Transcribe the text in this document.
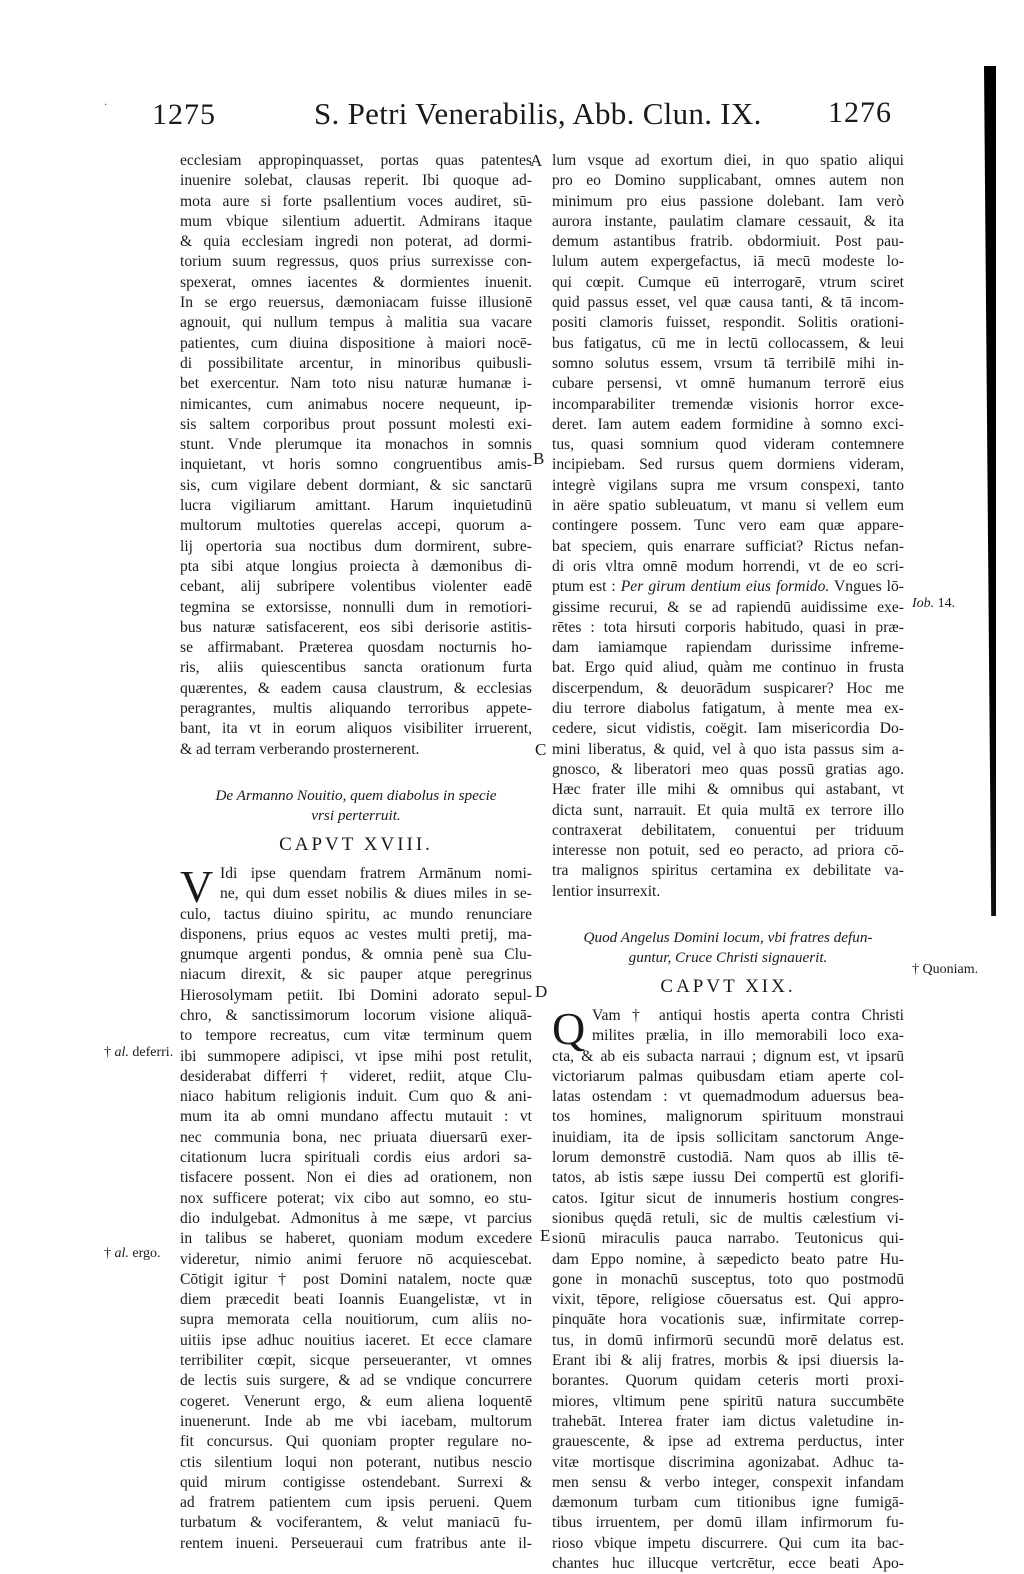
· 1275	S. Petri Venerabilis, Abb. Clun. IX. 1276
A
B
C
D
E
† al. deferri.
† al. ergo.
Iob. 14.
† Quoniam.
ecclesiam appropinquasset, portas quas patentes
inuenire solebat, clausas reperit. Ibi quoque ad-
mota aure si forte psallentium voces audiret, sū-
mum vbique silentium aduertit. Admirans itaque
& quia ecclesiam ingredi non poterat, ad dormi-
torium suum regressus, quos prius surrexisse con-
spexerat, omnes iacentes & dormientes inuenit.
In se ergo reuersus, dæmoniacam fuisse illusionē
agnouit, qui nullum tempus à malitia sua vacare
patientes, cum diuina dispositione à maiori nocē-
di possibilitate arcentur, in minoribus quibusli-
bet exercentur. Nam toto nisu naturæ humanæ i-
nimicantes, cum animabus nocere nequeunt, ip-
sis saltem corporibus prout possunt molesti exi-
stunt. Vnde plerumque ita monachos in somnis
inquietant, vt horis somno congruentibus amis-
sis, cum vigilare debent dormiant, & sic sanctarū
lucra vigiliarum amittant. Harum inquietudinū
multorum multoties querelas accepi, quorum a-
lij opertoria sua noctibus dum dormirent, subre-
pta sibi atque longius proiecta à dæmonibus di-
cebant, alij subripere volentibus violenter eadē
tegmina se extorsisse, nonnulli dum in remotiori-
bus naturæ satisfacerent, eos sibi derisorie astitis-
se affirmabant. Præterea quosdam nocturnis ho-
ris, aliis quiescentibus sancta orationum furta
quærentes, & eadem causa claustrum, & ecclesias
peragrantes, multis aliquando terroribus appete-
bant, ita vt in eorum aliquos visibiliter irruerent,
& ad terram verberando prosternerent.
De Armanno Nouitio, quem diabolus in specie
vrsi perterruit.
CAPVT XVIII.
V Idi ipse quendam fratrem Armānum nomi-
ne, qui dum esset nobilis & diues miles in se-
culo, tactus diuino spiritu, ac mundo renunciare
disponens, prius equos ac vestes multi pretij, ma-
gnumque argenti pondus, & omnia penè sua Clu-
niacum direxit, & sic pauper atque peregrinus
Hierosolymam petiit. Ibi Domini adorato sepul-
chro, & sanctissimorum locorum visione aliquā-
to tempore recreatus, cum vitæ terminum quem
ibi summopere adipisci, vt ipse mihi post retulit,
desiderabat differri † videret, rediit, atque Clu-
niaco habitum religionis induit. Cum quo & ani-
mum ita ab omni mundano affectu mutauit : vt
nec communia bona, nec priuata diuersarū exer-
citationum lucra spirituali cordis eius ardori sa-
tisfacere possent. Non ei dies ad orationem, non
nox sufficere poterat; vix cibo aut somno, eo stu-
dio indulgebat. Admonitus à me sæpe, vt parcius
in talibus se haberet, quoniam modum excedere
videretur, nimio animi feruore nō acquiescebat.
Cōtigit igitur † post Domini natalem, nocte quæ
diem præcedit beati Ioannis Euangelistæ, vt in
supra memorata cella nouitiorum, cum aliis no-
uitiis ipse adhuc nouitius iaceret. Et ecce clamare
terribiliter cœpit, sicque perseueranter, vt omnes
de lectis suis surgere, & ad se vndique concurrere
cogeret. Venerunt ergo, & eum aliena loquentē
inuenerunt. Inde ab me vbi iacebam, multorum
fit concursus. Qui quoniam propter regulare no-
ctis silentium loqui non poterant, nutibus nescio
quid mirum contigisse ostendebant. Surrexi &
ad fratrem patientem cum ipsis perueni. Quem
turbatum & vociferantem, & velut maniacū fu-
rentem inueni. Perseueraui cum fratribus ante il-
lum vsque ad exortum diei, in quo spatio aliqui
pro eo Domino supplicabant, omnes autem non
minimum pro eius passione dolebant. Iam verò
aurora instante, paulatim clamare cessauit, & ita
demum astantibus fratrib. obdormiuit. Post pau-
lulum autem expergefactus, iā mecū modeste lo-
qui cœpit. Cumque eū interrogarē, vtrum sciret
quid passus esset, vel quæ causa tanti, & tā incom-
positi clamoris fuisset, respondit. Solitis orationi-
bus fatigatus, cū me in lectū collocassem, & leui
somno solutus essem, vrsum tā terribilē mihi in-
cubare persensi, vt omnē humanum terrorē eius
incomparabiliter tremendæ visionis horror exce-
deret. Iam autem eadem formidine à somno exci-
tus, quasi somnium quod videram contemnere
incipiebam. Sed rursus quem dormiens videram,
integrè vigilans supra me vrsum conspexi, tanto
in aëre spatio subleuatum, vt manu si vellem eum
contingere possem. Tunc vero eam quæ appare-
bat speciem, quis enarrare sufficiat? Rictus nefan-
di oris vltra omnē modum horrendi, vt de eo scri-
ptum est : Per girum dentium eius formido. Vngues lō-
gissime recurui, & se ad rapiendū auidissime exe-
rētes : tota hirsuti corporis habitudo, quasi in præ-
dam iamiamque rapiendam durissime infreme-
bat. Ergo quid aliud, quàm me continuo in frusta
discerpendum, & deuorādum suspicarer? Hoc me
diu terrore diabolus fatigatum, à mente mea ex-
cedere, sicut vidistis, coëgit. Iam misericordia Do-
mini liberatus, & quid, vel à quo ista passus sim a-
gnosco, & liberatori meo quas possū gratias ago.
Hæc frater ille mihi & omnibus qui astabant, vt
dicta sunt, narrauit. Et quia multā ex terrore illo
contraxerat debilitatem, conuentui per triduum
interesse non potuit, sed eo peracto, ad priora cō-
tra malignos spiritus certamina ex debilitate va-
lentior insurrexit.
Quod Angelus Domini locum, vbi fratres defun-
guntur, Cruce Christi signauerit.
CAPVT XIX.
Q Vam † antiqui hostis aperta contra Christi
milites prælia, in illo memorabili loco exa-
cta, & ab eis subacta narraui ; dignum est, vt ipsarū
victoriarum palmas quibusdam etiam aperte col-
latas ostendam : vt quemadmodum aduersus bea-
tos homines, malignorum spirituum monstraui
inuidiam, ita de ipsis sollicitam sanctorum Ange-
lorum demonstrē custodiā. Nam quos ab illis tē-
tatos, ab istis sæpe iussu Dei compertū est glorifi-
catos. Igitur sicut de innumeris hostium congres-
sionibus quędā retuli, sic de multis cælestium vi-
sionū miraculis pauca narrabo. Teutonicus qui-
dam Eppo nomine, à sæpedicto beato patre Hu-
gone in monachū susceptus, toto quo postmodū
vixit, tēpore, religiose cōuersatus est. Qui appro-
pinquāte hora vocationis suæ, infirmitate correp-
tus, in domū infirmorū secundū morē delatus est.
Erant ibi & alij fratres, morbis & ipsi diuersis la-
borantes. Quorum quidam ceteris morti proxi-
miores, vltimum pene spiritū natura succumbēte
trahebāt. Interea frater iam dictus valetudine in-
grauescente, & ipse ad extrema perductus, inter
vitæ mortisque discrimina agonizabat. Adhuc ta-
men sensu & verbo integer, conspexit infandam
dæmonum turbam cum titionibus igne fumigā-
tibus irruentem, per domū illam infirmorum fu-
rioso vbique impetu discurrere. Qui cum ita bac-
chantes huc illucque vertcrētur, ecce beati Apo-
